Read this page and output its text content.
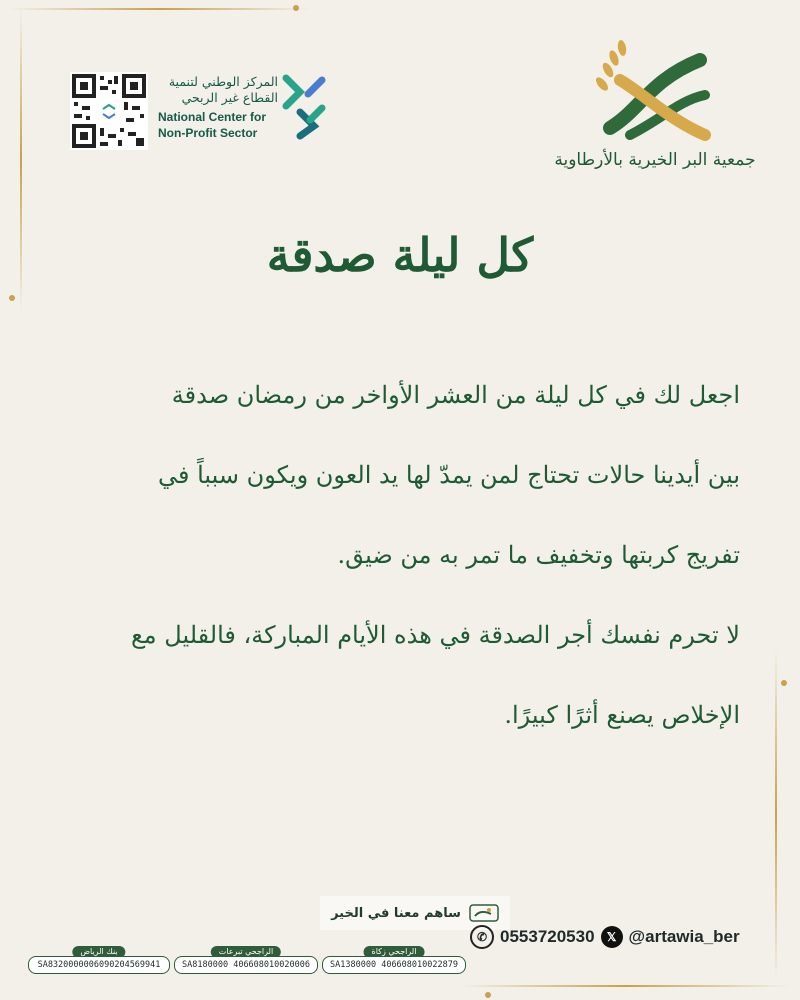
المركز الوطني لتنمية
القطاع غير الربحي
National Center for
Non-Profit Sector
جمعية البر الخيرية بالأرطاوية
كل ليلة صدقة

اجعل لك في كل ليلة من العشر الأواخر من رمضان صدقة

بين أيدينا حالات تحتاج لمن يمدّ لها يد العون ويكون سبباً في

تفريج كربتها وتخفيف ما تمر به من ضيق.

لا تحرم نفسك أجر الصدقة في هذه الأيام المباركة، فالقليل مع

الإخلاص يصنع أثرًا كبيرًا.

ساهم معنا في الخير
✆ 0553720530	𝕏 @artawia_ber
بنك الرياض
SA8320000006090204569941
الراجحي تبرعات
SA8180000 406608010020006
الراجحي زكاة
SA1380000 406608010022879
